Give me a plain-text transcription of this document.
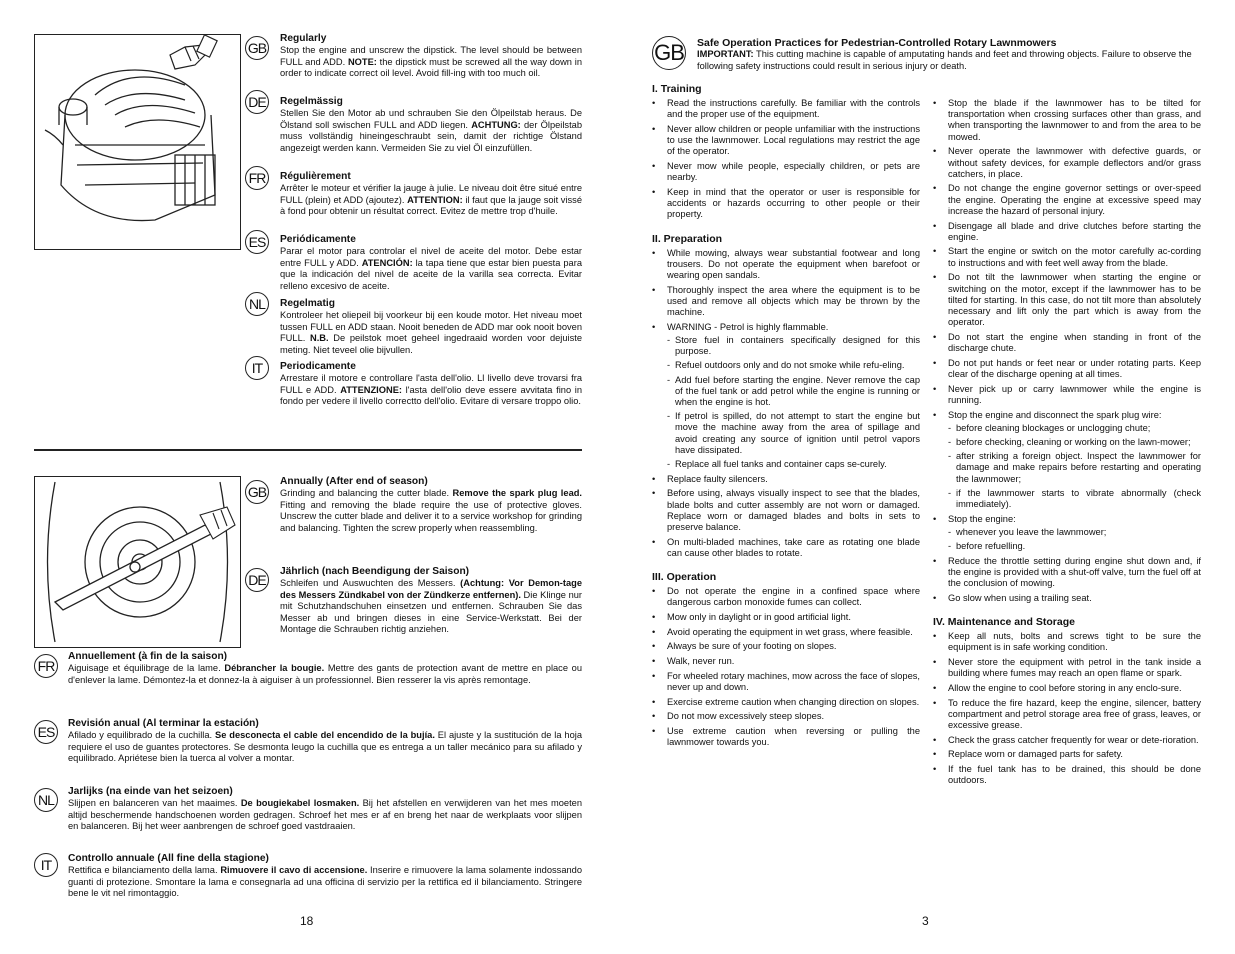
GB
Regularly
Stop the engine and unscrew the dipstick. The level should be between FULL and ADD. NOTE: the dipstick must be screwed all the way down in order to indicate correct oil level. Avoid fill-ing with too much oil.
DE	Regelmässig
Stellen Sie den Motor ab und schrauben Sie den Ölpeilstab heraus. De Ölstand soll swischen FULL and ADD liegen. ACHTUNG: der Ölpeilstab muss vollständig hineingeschraubt sein, damit der richtige Ölstand angezeigt werden kann. Vermeiden Sie zu viel Öl einzufüllen.
FR	Régulièrement
Arrêter le moteur et vérifier la jauge à julie. Le niveau doit être situé entre FULL (plein) et ADD (ajoutez). ATTENTION: il faut que la jauge soit vissé à fond pour obtenir un résultat correct. Evitez de mettre trop d'huile.
ES	Periódicamente
Parar el motor para controlar el nivel de aceite del motor. Debe estar entre FULL y ADD. ATENCIÓN: la tapa tiene que estar bien puesta para que la indicación del nivel de aceite de la varilla sea correcta. Evitar relleno excesivo de aceite.
NL	Regelmatig
Kontroleer het oliepeil bij voorkeur bij een koude motor. Het niveau moet tussen FULL en ADD staan. Nooit beneden de ADD mar ook nooit boven FULL. N.B. De peilstok moet geheel ingedraaid worden voor dejuiste meting. Niet teveel olie bijvullen.
IT	Periodicamente
Arrestare il motore e controllare l'asta dell'olio. Ll livello deve trovarsi fra FULL e ADD. ATTENZIONE: l'asta dell'olio deve essere avvitata fino in fondo per vedere il livello correctto dell'olio. Evitare di versare troppo olio.
GB
Annually (After end of season)
Grinding and balancing the cutter blade. Remove the spark plug lead. Fitting and removing the blade require the use of protective gloves. Unscrew the cutter blade and deliver it to a service workshop for grinding and balancing. Tighten the screw properly when reassembling.
DE
Jährlich (nach Beendigung der Saison)
Schleifen und Auswuchten des Messers. (Achtung: Vor Demon-tage des Messers Zündkabel von der Zündkerze entfernen). Die Klinge nur mit Schutzhandschuhen einsetzen und entfernen. Schrauben Sie das Messer ab und bringen dieses in eine Service-Werkstatt. Bei der Montage die Schrauben richtig anziehen.
FR
Annuellement (à fin de la saison)
Aiguisage et équilibrage de la lame. Débrancher la bougie. Mettre des gants de protection avant de mettre en place ou d'enlever la lame. Démontez-la et donnez-la à aiguiser à un professionnel. Bien resserer la vis après remontage.
ES
Revisión anual (Al terminar la estación)
Afilado y equilibrado de la cuchilla. Se desconecta el cable del encendido de la bujía. El ajuste y la sustitución de la hoja requiere el uso de guantes protectores. Se desmonta leugo la cuchilla que es entrega a un taller mecánico para su afilado y equilibrado. Apriétese bien la tuerca al volver a montar.
NL
Jarlijks (na einde van het seizoen)
Slijpen en balanceren van het maaimes. De bougiekabel losmaken. Bij het afstellen en verwijderen van het mes moeten altijd beschermende handschoenen worden gedragen. Schroef het mes er af en breng het naar de werkplaats voor slijpen en balanceren. Bij het weer aanbrengen de schroef goed vastdraaien.
IT	Controllo annuale (All fine della stagione)
Rettifica e bilanciamento della lama. Rimuovere il cavo di accensione. Inserire e rimuovere la lama solamente indossando guanti di protezione. Smontare la lama e consegnarla ad una officina di servizio per la rettifica ed il bilanciamento. Stringere bene le vit nel rimontaggio.
18
GB Safe Operation Practices for Pedestrian-Controlled Rotary Lawnmowers
IMPORTANT: This cutting machine is capable of amputating hands and feet and throwing objects. Failure to observe the following safety instructions could result in serious injury or death.
I. Training
• Read the instructions carefully. Be familiar with the controls and the proper use of the equipment.
• Never allow children or people unfamiliar with the instructions to use the lawnmower. Local regulations may restrict the age of the operator.
• Never mow while people, especially children, or pets are nearby.
• Keep in mind that the operator or user is responsible for accidents or hazards occurring to other people or their property.
II. Preparation
• While mowing, always wear substantial footwear and long trousers. Do not operate the equipment when barefoot or wearing open sandals.
• Thoroughly inspect the area where the equipment is to be used and remove all objects which may be thrown by the machine.
• WARNING - Petrol is highly flammable.
- Store fuel in containers specifically designed for this purpose.
- Refuel outdoors only and do not smoke while refu-eling.
- Add fuel before starting the engine. Never remove the cap of the fuel tank or add petrol while the engine is running or when the engine is hot.
- If petrol is spilled, do not attempt to start the engine but move the machine away from the area of spillage and avoid creating any source of ignition until petrol vapors have dissipated.
- Replace all fuel tanks and container caps se-curely.
• Replace faulty silencers.
• Before using, always visually inspect to see that the blades, blade bolts and cutter assembly are not worn or damaged. Replace worn or damaged blades and bolts in sets to preserve balance.
• On multi-bladed machines, take care as rotating one blade can cause other blades to rotate.
III. Operation
• Do not operate the engine in a confined space where dangerous carbon monoxide fumes can collect.
• Mow only in daylight or in good artificial light.
• Avoid operating the equipment in wet grass, where feasible.
• Always be sure of your footing on slopes.
• Walk, never run.
• For wheeled rotary machines, mow across the face of slopes, never up and down.
• Exercise extreme caution when changing direction on slopes.
• Do not mow excessively steep slopes.
• Use extreme caution when reversing or pulling the lawnmower towards you.
• Stop the blade if the lawnmower has to be tilted for transportation when crossing surfaces other than grass, and when transporting the lawnmower to and from the area to be mowed.
• Never operate the lawnmower with defective guards, or without safety devices, for example deflectors and/or grass catchers, in place.
• Do not change the engine governor settings or over-speed the engine. Operating the engine at excessive speed may increase the hazard of personal injury.
• Disengage all blade and drive clutches before starting the engine.
• Start the engine or switch on the motor carefully ac-cording to instructions and with feet well away from the blade.
• Do not tilt the lawnmower when starting the engine or switching on the motor, except if the lawnmower has to be tilted for starting. In this case, do not tilt more than absolutely necessary and lift only the part which is away from the operator.
• Do not start the engine when standing in front of the discharge chute.
• Do not put hands or feet near or under rotating parts. Keep clear of the discharge opening at all times.
• Never pick up or carry lawnmower while the engine is running.
• Stop the engine and disconnect the spark plug wire:
- before cleaning blockages or unclogging chute;
- before checking, cleaning or working on the lawn-mower;
- after striking a foreign object. Inspect the lawnmower for damage and make repairs before restarting and operating the lawnmower;
- if the lawnmower starts to vibrate abnormally (check immediately).
• Stop the engine:
- whenever you leave the lawnmower;
- before refuelling.
• Reduce the throttle setting during engine shut down and, if the engine is provided with a shut-off valve, turn the fuel off at the conclusion of mowing.
• Go slow when using a trailing seat.
IV. Maintenance and Storage
• Keep all nuts, bolts and screws tight to be sure the equipment is in safe working condition.
• Never store the equipment with petrol in the tank inside a building where fumes may reach an open flame or spark.
• Allow the engine to cool before storing in any enclo-sure.
• To reduce the fire hazard, keep the engine, silencer, battery compartment and petrol storage area free of grass, leaves, or excessive grease.
• Check the grass catcher frequently for wear or dete-rioration.
• Replace worn or damaged parts for safety.
• If the fuel tank has to be drained, this should be done outdoors.
3
